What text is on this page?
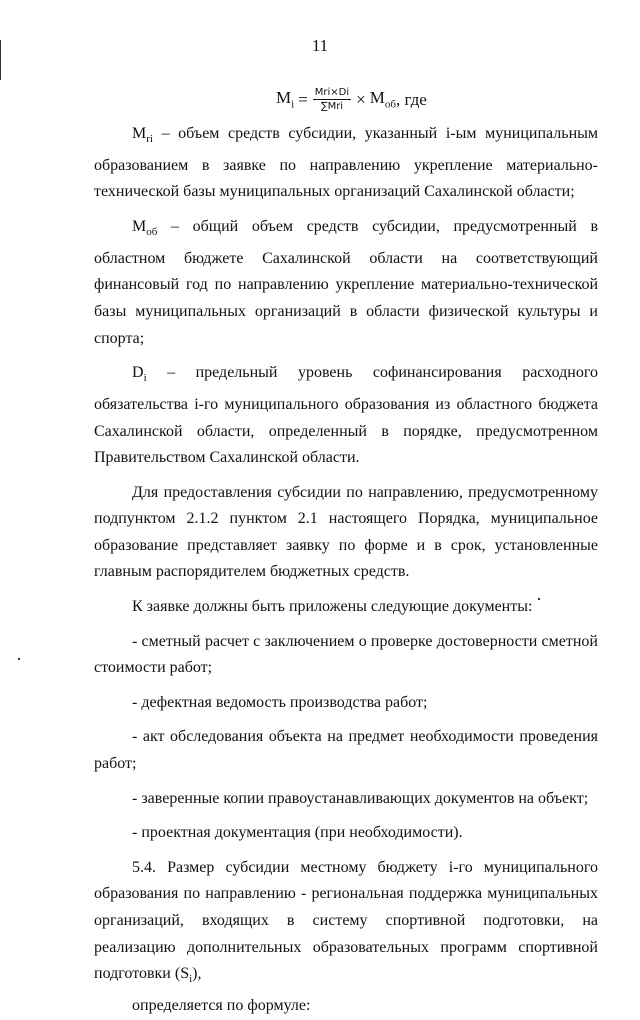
11
$M_i = \frac{\text{Mri×Di}}{\text{∑Mri}} \times M_{об}$ , где

$M_{ri}$ – объем средств субсидии, указанный i-ым муниципальным образованием в заявке по направлению укрепление материально-технической базы муниципальных организаций Сахалинской области;

$M_{об}$ – общий объем средств субсидии, предусмотренный в областном бюджете Сахалинской области на соответствующий финансовый год по направлению укрепление материально-технической базы муниципальных организаций в области физической культуры и спорта;

$D_i$ – предельный уровень софинансирования расходного обязательства i-го муниципального образования из областного бюджета Сахалинской области, определенный в порядке, предусмотренном Правительством Сахалинской области.

Для предоставления субсидии по направлению, предусмотренному подпунктом 2.1.2 пунктом 2.1 настоящего Порядка, муниципальное образование представляет заявку по форме и в срок, установленные главным распорядителем бюджетных средств.

К заявке должны быть приложены следующие документы:

- сметный расчет с заключением о проверке достоверности сметной стоимости работ;

- дефектная ведомость производства работ;

- акт обследования объекта на предмет необходимости проведения работ;

- заверенные копии правоустанавливающих документов на объект;

- проектная документация (при необходимости).

5.4. Размер субсидии местному бюджету i-го муниципального образования по направлению - региональная поддержка муниципальных организаций, входящих в систему спортивной подготовки, на реализацию дополнительных образовательных программ спортивной подготовки $(S_i)$,

определяется по формуле:
